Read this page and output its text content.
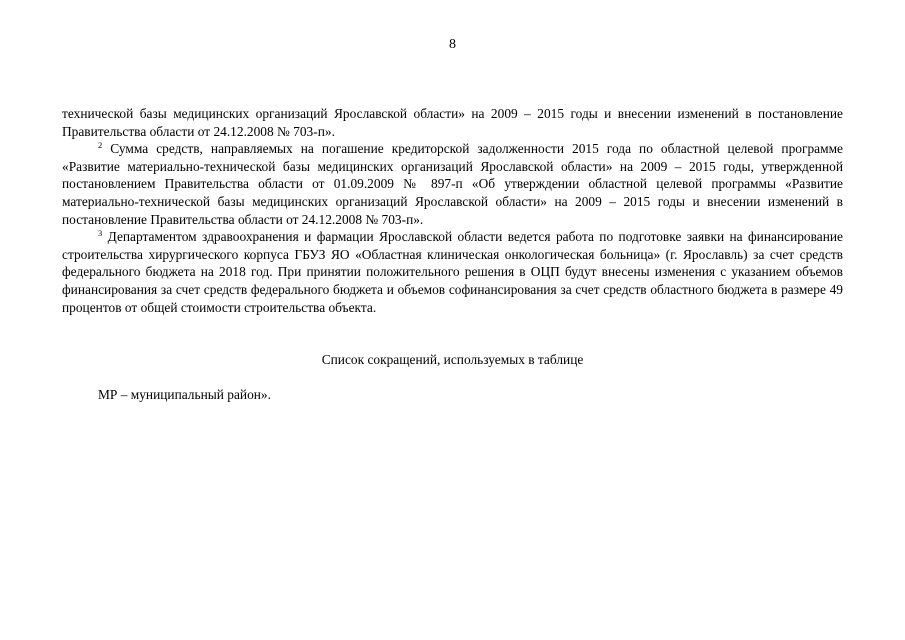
8

технической базы медицинских организаций Ярославской области» на 2009 – 2015 годы и внесении изменений в постановление Правительства области от 24.12.2008 № 703-п».

$^2$ Сумма средств, направляемых на погашение кредиторской задолженности 2015 года по областной целевой программе «Развитие материально-технической базы медицинских организаций Ярославской области» на 2009 – 2015 годы, утвержденной постановлением Правительства области от 01.09.2009 № 897-п «Об утверждении областной целевой программы «Развитие материально-технической базы медицинских организаций Ярославской области» на 2009 – 2015 годы и внесении изменений в постановление Правительства области от 24.12.2008 № 703-п».

$^3$ Департаментом здравоохранения и фармации Ярославской области ведется работа по подготовке заявки на финансирование строительства хирургического корпуса ГБУЗ ЯО «Областная клиническая онкологическая больница» (г. Ярославль) за счет средств федерального бюджета на 2018 год. При принятии положительного решения в ОЦП будут внесены изменения с указанием объемов финансирования за счет средств федерального бюджета и объемов софинансирования за счет средств областного бюджета в размере 49 процентов от общей стоимости строительства объекта.

Список сокращений, используемых в таблице
МР – муниципальный район».
